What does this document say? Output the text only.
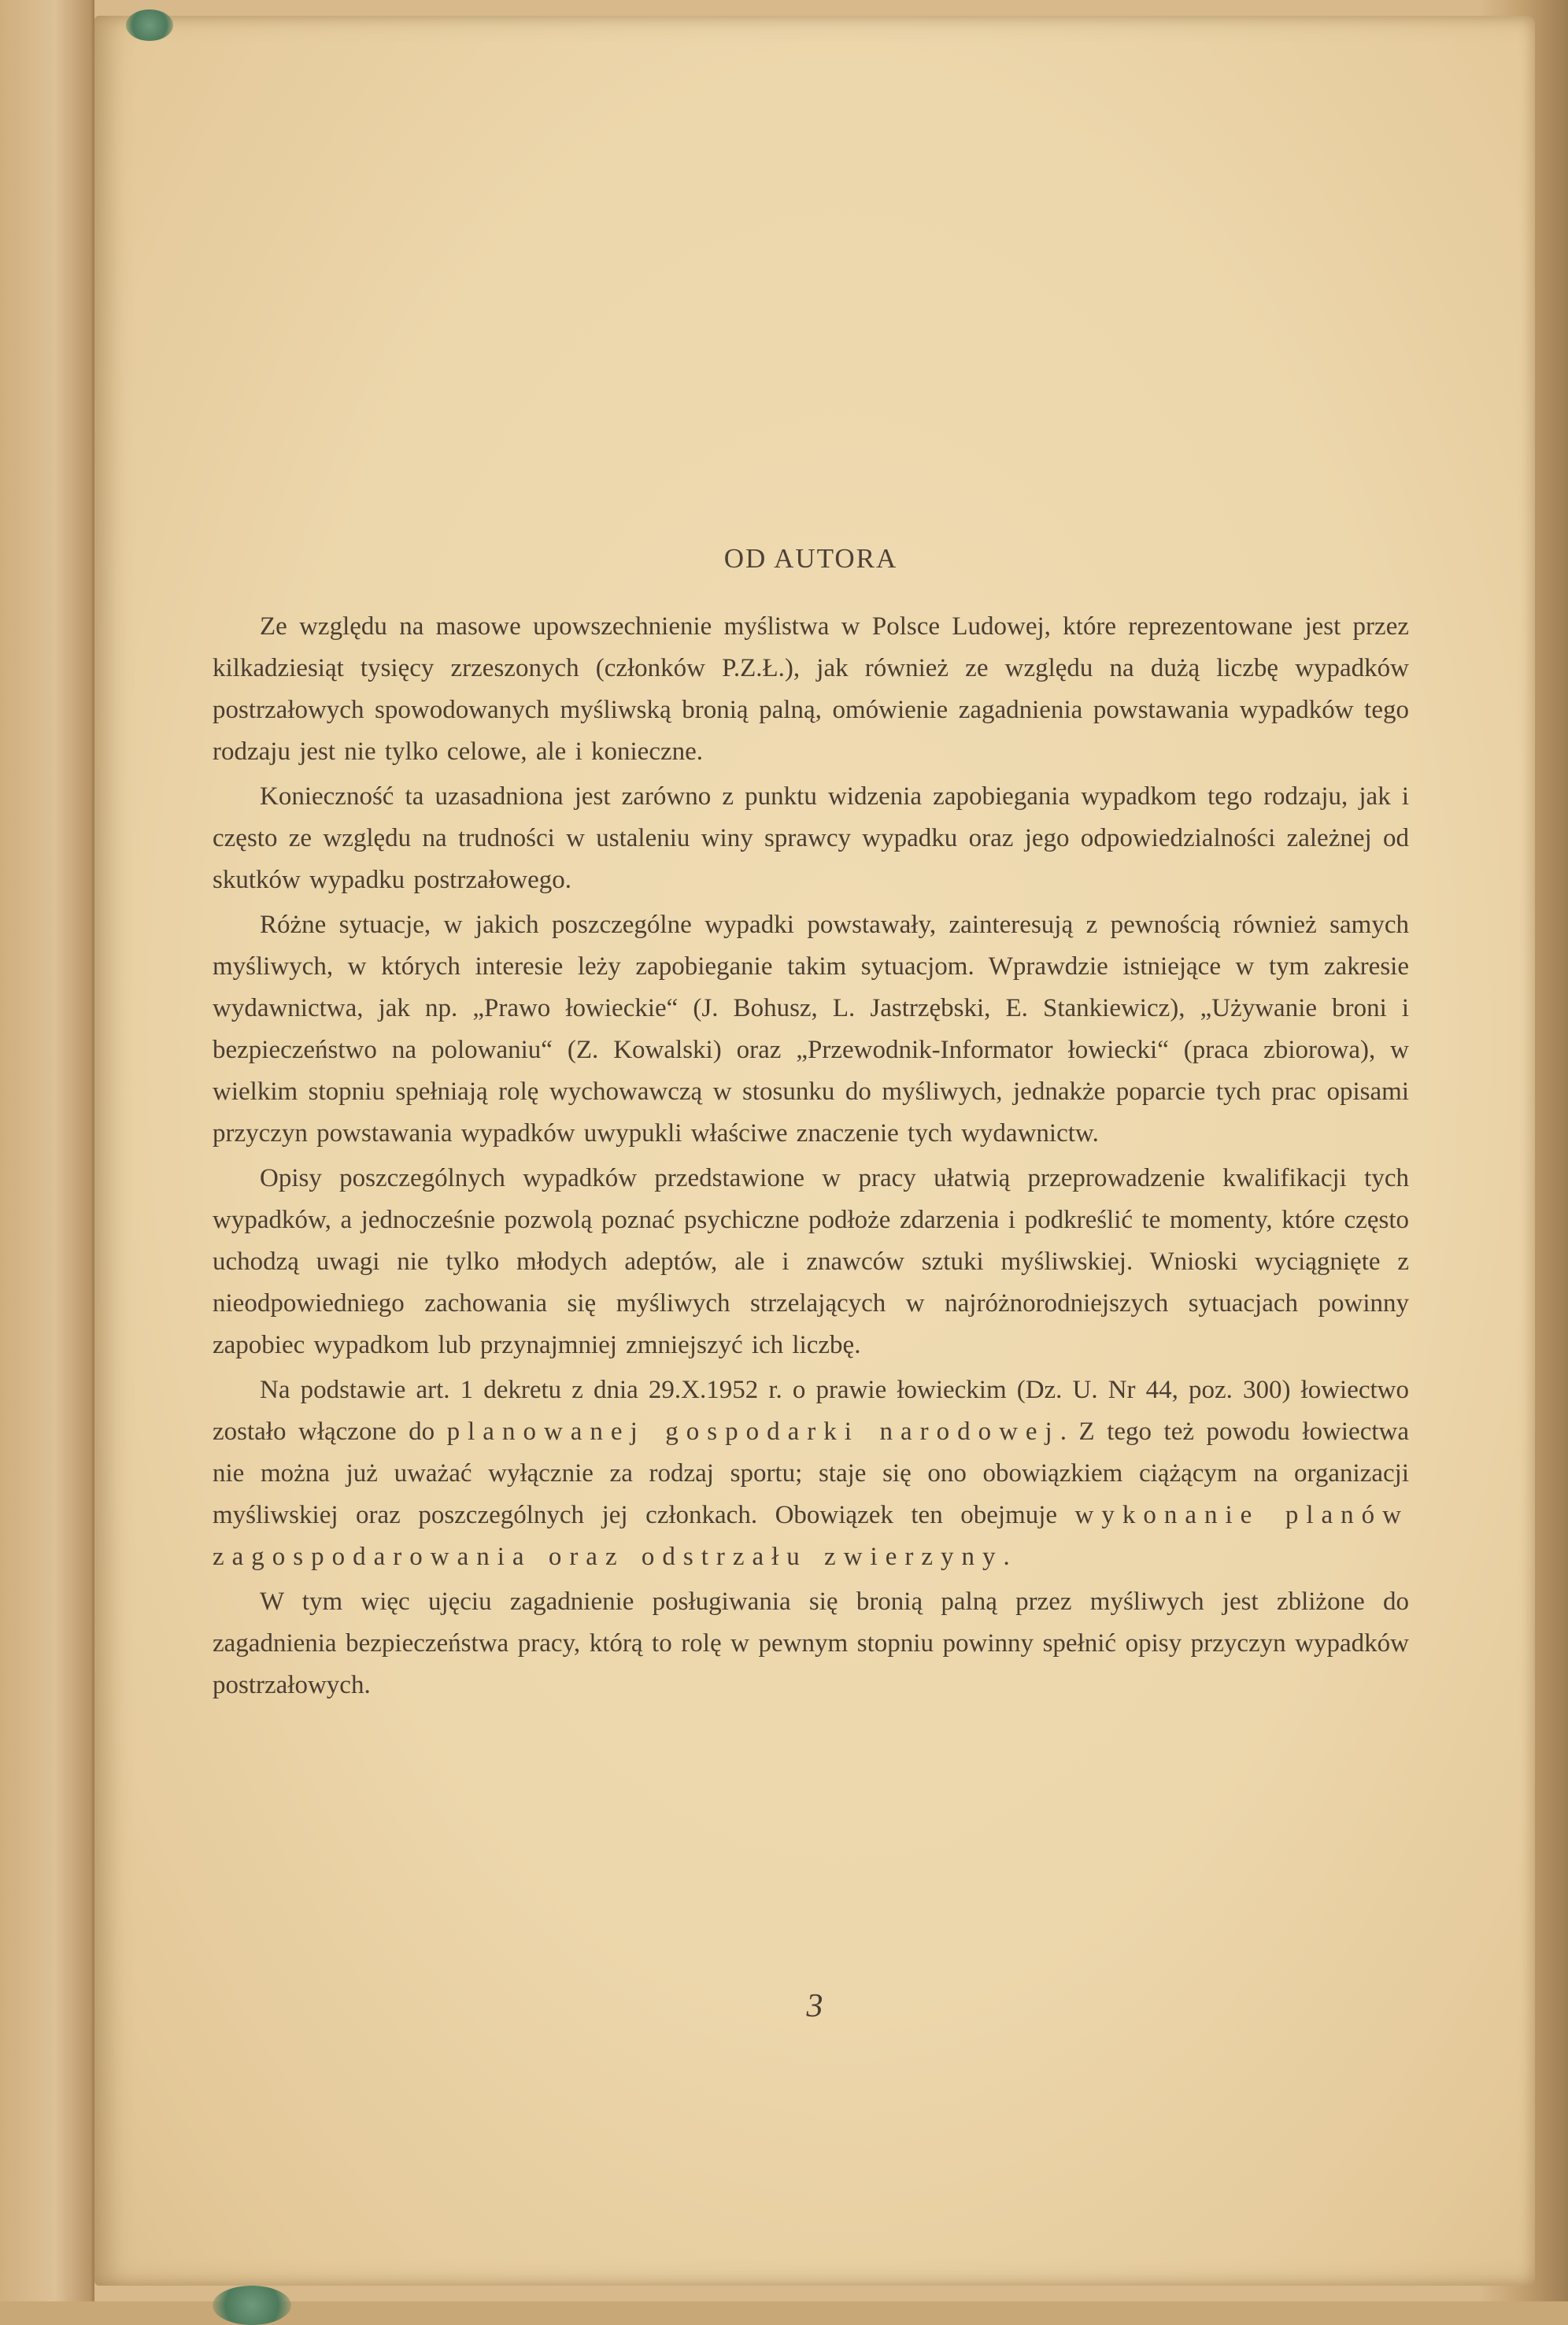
OD AUTORA

Ze względu na masowe upowszechnienie myślistwa w Polsce Ludowej, które reprezentowane jest przez kilkadziesiąt tysięcy zrzeszonych (członków P.Z.Ł.), jak również ze względu na dużą liczbę wypadków postrzałowych spowodowanych myśliwską bronią palną, omówienie zagadnienia powstawania wypadków tego rodzaju jest nie tylko celowe, ale i konieczne.

Konieczność ta uzasadniona jest zarówno z punktu widzenia zapobiegania wypadkom tego rodzaju, jak i często ze względu na trudności w ustaleniu winy sprawcy wypadku oraz jego odpowiedzialności zależnej od skutków wypadku postrzałowego.

Różne sytuacje, w jakich poszczególne wypadki powstawały, zainteresują z pewnością również samych myśliwych, w których interesie leży zapobieganie takim sytuacjom. Wprawdzie istniejące w tym zakresie wydawnictwa, jak np. „Prawo łowieckie“ (J. Bohusz, L. Jastrzębski, E. Stankiewicz), „Używanie broni i bezpieczeństwo na polowaniu“ (Z. Kowalski) oraz „Przewodnik-Informator łowiecki“ (praca zbiorowa), w wielkim stopniu spełniają rolę wychowawczą w stosunku do myśliwych, jednakże poparcie tych prac opisami przyczyn powstawania wypadków uwypukli właściwe znaczenie tych wydawnictw.

Opisy poszczególnych wypadków przedstawione w pracy ułatwią przeprowadzenie kwalifikacji tych wypadków, a jednocześnie pozwolą poznać psychiczne podłoże zdarzenia i podkreślić te momenty, które często uchodzą uwagi nie tylko młodych adeptów, ale i znawców sztuki myśliwskiej. Wnioski wyciągnięte z nieodpowiedniego zachowania się myśliwych strzelających w najróżnorodniejszych sytuacjach powinny zapobiec wypadkom lub przynajmniej zmniejszyć ich liczbę.

Na podstawie art. 1 dekretu z dnia 29.X.1952 r. o prawie łowieckim (Dz. U. Nr 44, poz. 300) łowiectwo zostało włączone do planowanej gospodarki narodowej. Z tego też powodu łowiectwa nie można już uważać wyłącznie za rodzaj sportu; staje się ono obowiązkiem ciążącym na organizacji myśliwskiej oraz poszczególnych jej członkach. Obowiązek ten obejmuje wykonanie planów zagospodarowania oraz odstrzału zwierzyny.

W tym więc ujęciu zagadnienie posługiwania się bronią palną przez myśliwych jest zbliżone do zagadnienia bezpieczeństwa pracy, którą to rolę w pewnym stopniu powinny spełnić opisy przyczyn wypadków postrzałowych.

3
